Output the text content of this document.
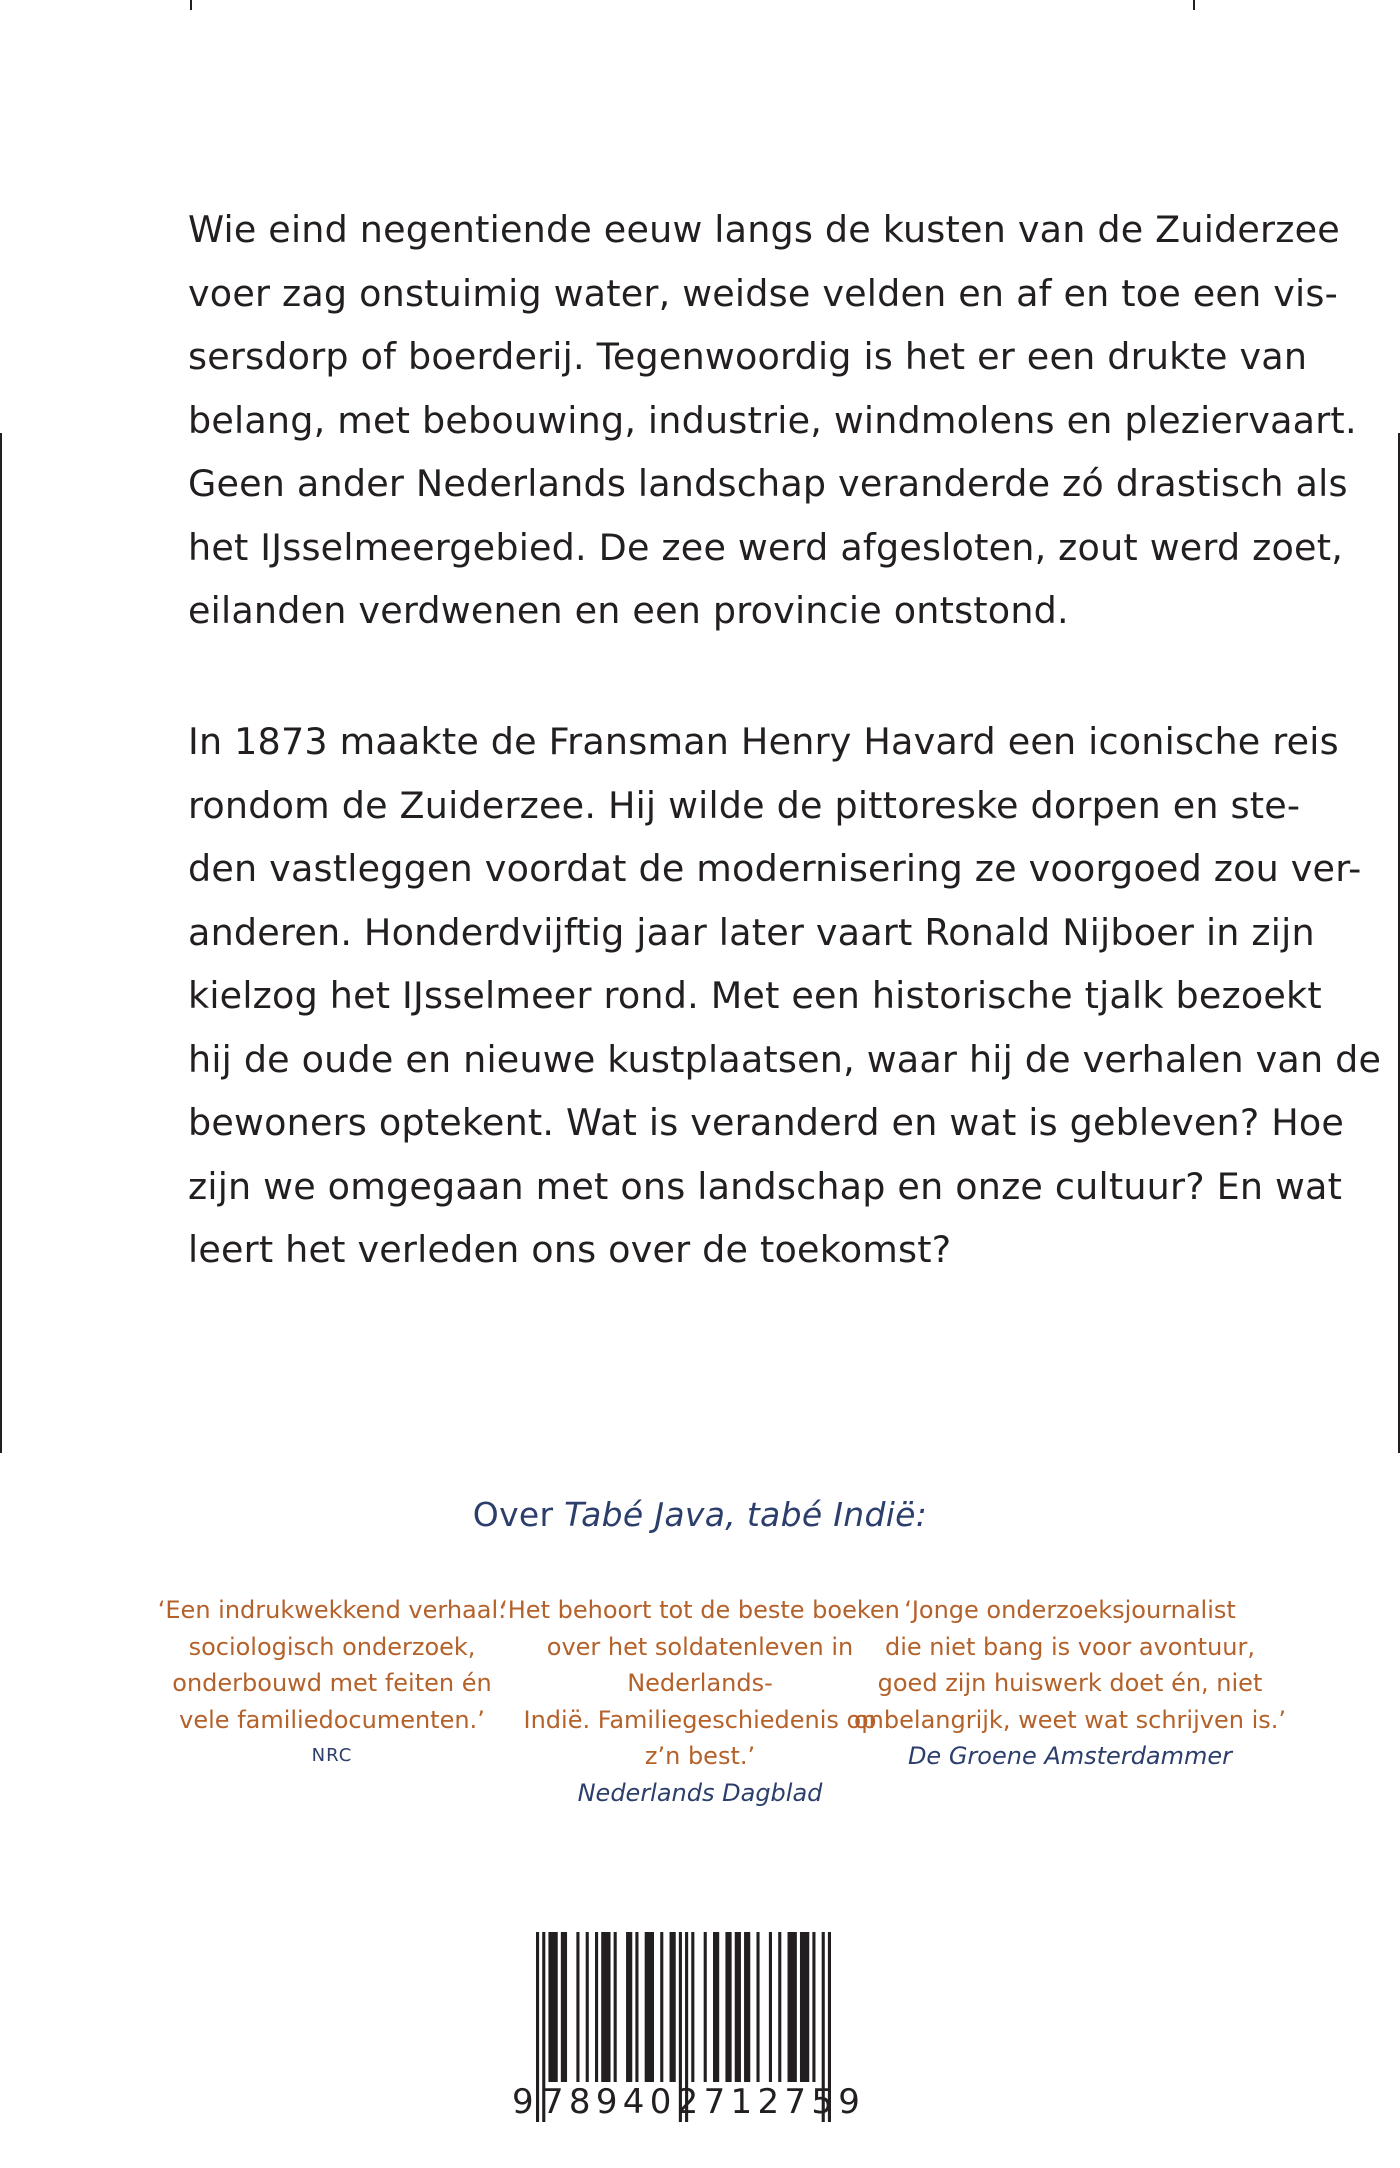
Wie eind negentiende eeuw langs de kusten van de Zuiderzee
voer zag onstuimig water, weidse velden en af en toe een vis-
sersdorp of boerderij. Tegenwoordig is het er een drukte van
belang, met bebouwing, industrie, windmolens en pleziervaart.
Geen ander Nederlands landschap veranderde zó drastisch als
het IJsselmeergebied. De zee werd afgesloten, zout werd zoet,
eilanden verdwenen en een provincie ontstond.
In 1873 maakte de Fransman Henry Havard een iconische reis
rondom de Zuiderzee. Hij wilde de pittoreske dorpen en ste-
den vastleggen voordat de modernisering ze voorgoed zou ver-
anderen. Honderdvijftig jaar later vaart Ronald Nijboer in zijn
kielzog het IJsselmeer rond. Met een historische tjalk bezoekt
hij de oude en nieuwe kustplaatsen, waar hij de verhalen van de
bewoners optekent. Wat is veranderd en wat is gebleven? Hoe
zijn we omgegaan met ons landschap en onze cultuur? En wat
leert het verleden ons over de toekomst?
Over Tabé Java, tabé Indië:
‘Een indrukwekkend verhaal:
sociologisch onderzoek,
onderbouwd met feiten én
vele familiedocumenten.’
NRC
‘Het behoort tot de beste boeken
over het soldatenleven in Nederlands-
Indië. Familiegeschiedenis op
z’n best.’
Nederlands Dagblad
‘Jonge onderzoeksjournalist
die niet bang is voor avontuur,
goed zijn huiswerk doet én, niet
onbelangrijk, weet wat schrijven is.’
De Groene Amsterdammer
9 789402712759
